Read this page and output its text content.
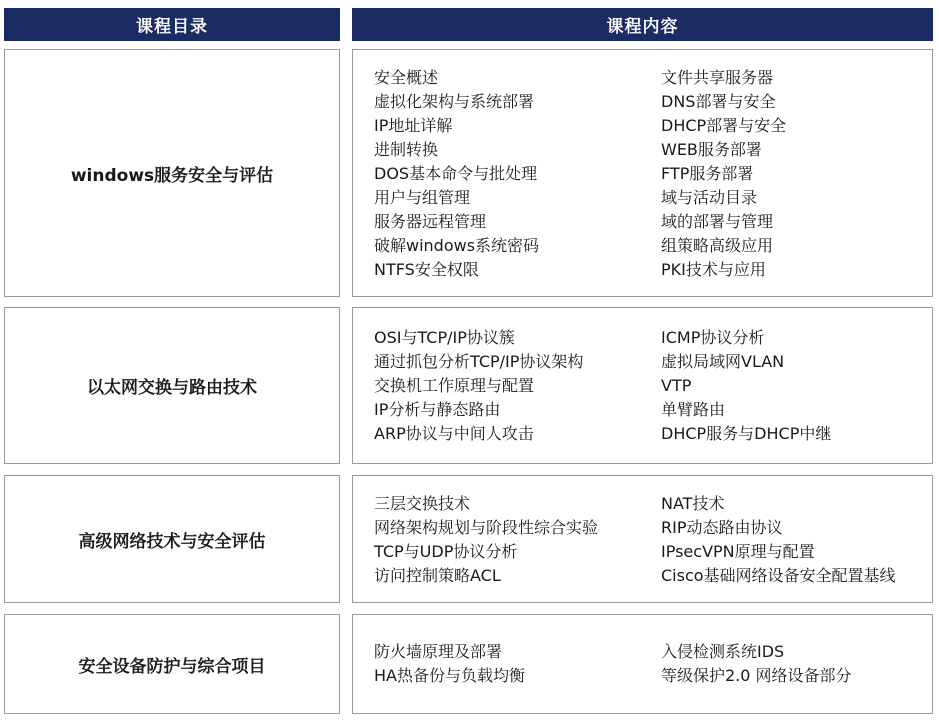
课程目录	课程内容
windows服务安全与评估
安全概述
虚拟化架构与系统部署
IP地址详解
进制转换
DOS基本命令与批处理
用户与组管理
服务器远程管理
破解windows系统密码
NTFS安全权限
文件共享服务器
DNS部署与安全
DHCP部署与安全
WEB服务部署
FTP服务部署
域与活动目录
域的部署与管理
组策略高级应用
PKI技术与应用
以太网交换与路由技术
OSI与TCP/IP协议簇
通过抓包分析TCP/IP协议架构
交换机工作原理与配置
IP分析与静态路由
ARP协议与中间人攻击
ICMP协议分析
虚拟局域网VLAN
VTP
单臂路由
DHCP服务与DHCP中继
高级网络技术与安全评估
三层交换技术
网络架构规划与阶段性综合实验
TCP与UDP协议分析
访问控制策略ACL
NAT技术
RIP动态路由协议
IPsecVPN原理与配置
Cisco基础网络设备安全配置基线
安全设备防护与综合项目
防火墙原理及部署
HA热备份与负载均衡
入侵检测系统IDS
等级保护2.0 网络设备部分
